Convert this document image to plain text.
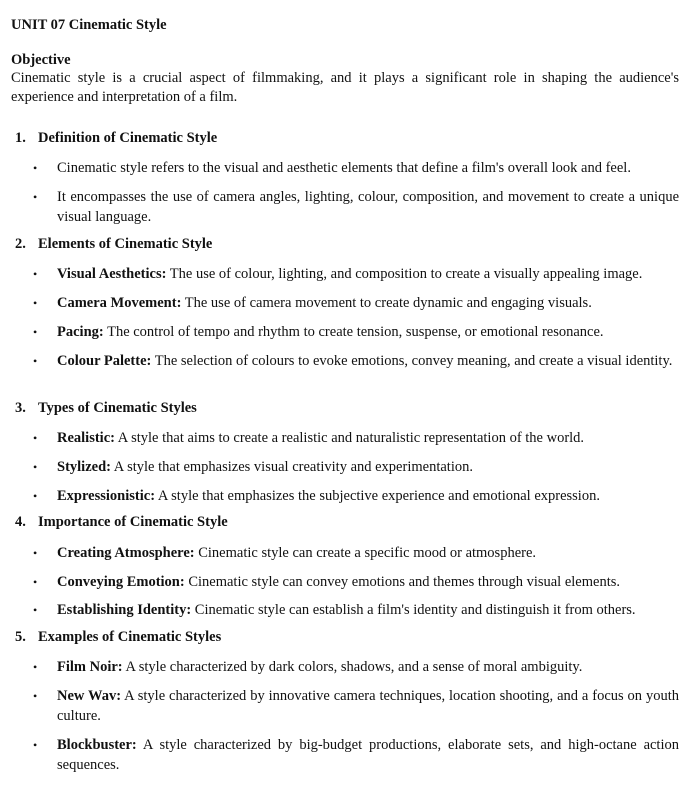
UNIT 07 Cinematic Style
Objective
Cinematic style is a crucial aspect of filmmaking, and it plays a significant role in shaping the audience's experience and interpretation of a film.
1. Definition of Cinematic Style
• Cinematic style refers to the visual and aesthetic elements that define a film's overall look and feel.
• It encompasses the use of camera angles, lighting, colour, composition, and movement to create a unique visual language.
2. Elements of Cinematic Style
• Visual Aesthetics: The use of colour, lighting, and composition to create a visually appealing image.
• Camera Movement: The use of camera movement to create dynamic and engaging visuals.
• Pacing: The control of tempo and rhythm to create tension, suspense, or emotional resonance.
• Colour Palette: The selection of colours to evoke emotions, convey meaning, and create a visual identity.
3. Types of Cinematic Styles
• Realistic: A style that aims to create a realistic and naturalistic representation of the world.
• Stylized: A style that emphasizes visual creativity and experimentation.
• Expressionistic: A style that emphasizes the subjective experience and emotional expression.
4. Importance of Cinematic Style
• Creating Atmosphere: Cinematic style can create a specific mood or atmosphere.
• Conveying Emotion: Cinematic style can convey emotions and themes through visual elements.
• Establishing Identity: Cinematic style can establish a film's identity and distinguish it from others.
5. Examples of Cinematic Styles
• Film Noir: A style characterized by dark colors, shadows, and a sense of moral ambiguity.
• New Wav: A style characterized by innovative camera techniques, location shooting, and a focus on youth culture.
• Blockbuster: A style characterized by big-budget productions, elaborate sets, and high-octane action sequences.
